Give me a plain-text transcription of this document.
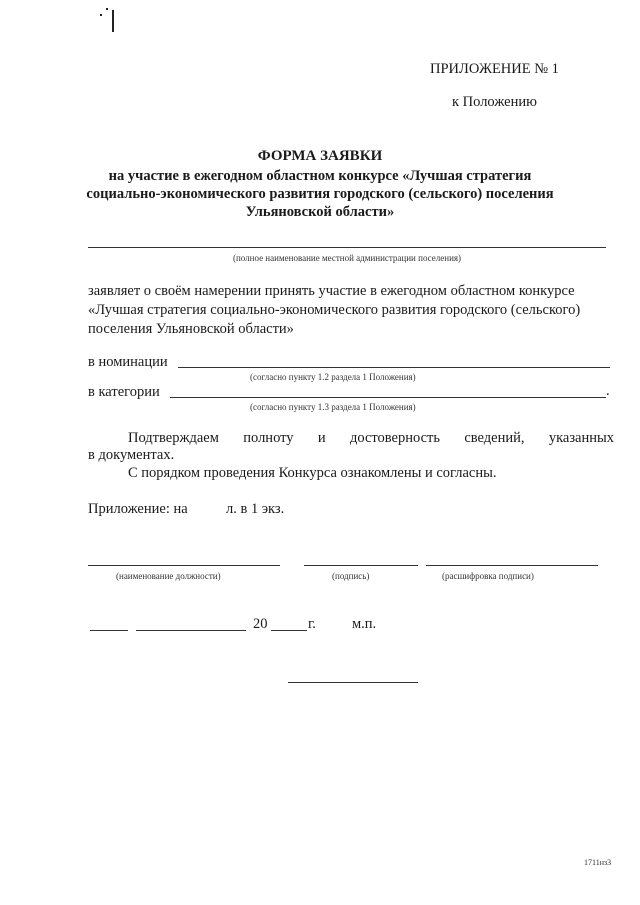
ПРИЛОЖЕНИЕ № 1
к Положению
ФОРМА ЗАЯВКИ
на участие в ежегодном областном конкурсе «Лучшая стратегия
социально-экономического развития городского (сельского) поселения
Ульяновской области»
(полное наименование местной администрации поселения)
заявляет о своём намерении принять участие в ежегодном областном конкурсе
«Лучшая стратегия социально-экономического развития городского (сельского)
поселения Ульяновской области»
в номинации
(согласно пункту 1.2 раздела 1 Положения)
в категории	.
(согласно пункту 1.3 раздела 1 Положения)
Подтверждаем полноту и достоверность сведений, указанных
в документах.
С порядком проведения Конкурса ознакомлены и согласны.
Приложение: на	л. в 1 экз.
(наименование должности)	(подпись)	(расшифровка подписи)
20	г. м.п.
1711нз3
